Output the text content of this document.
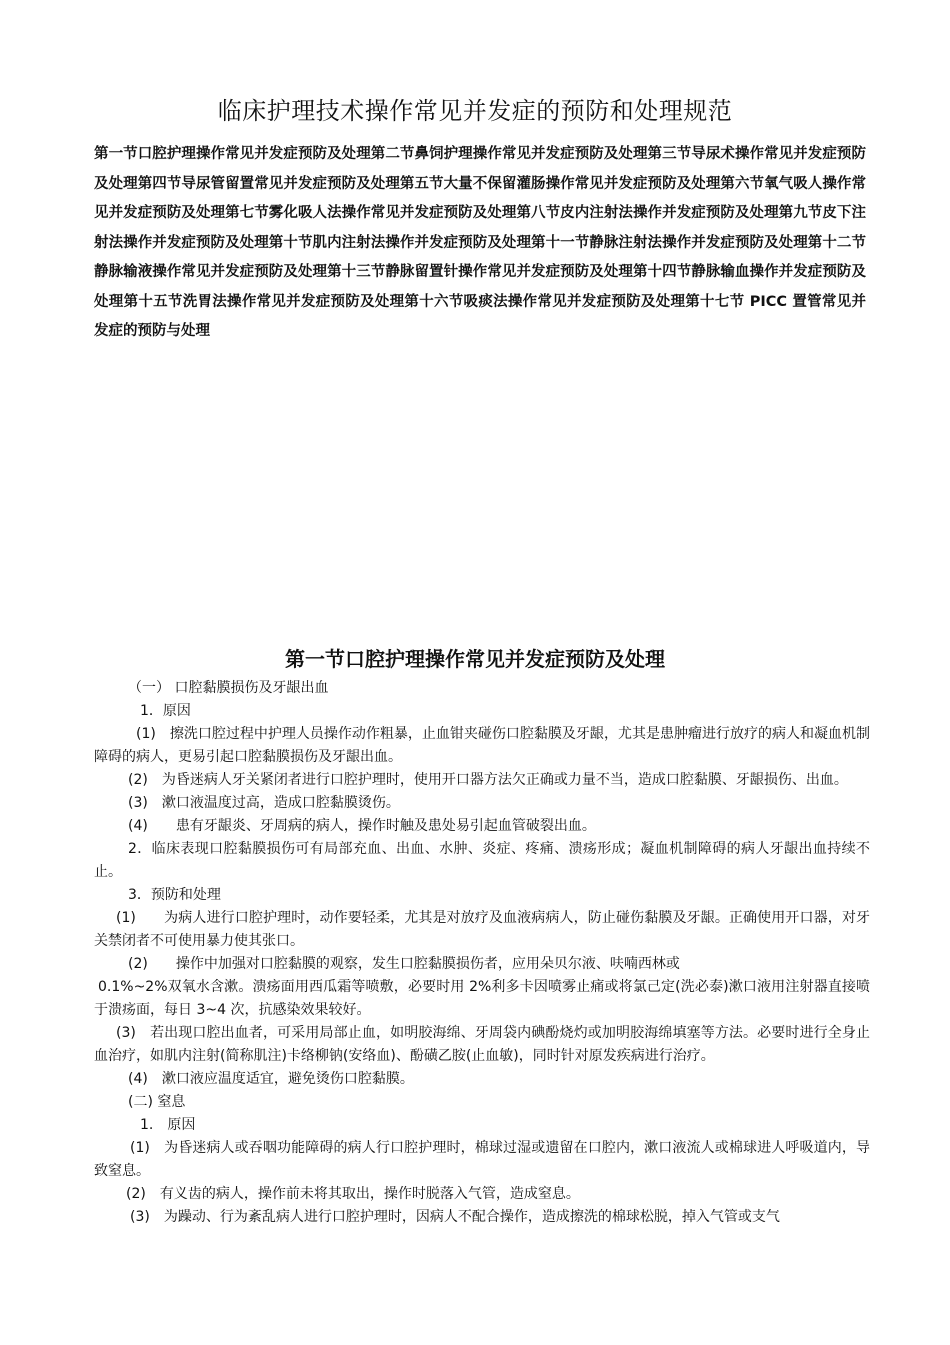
临床护理技术操作常见并发症的预防和处理规范

第一节口腔护理操作常见并发症预防及处理第二节鼻饲护理操作常见并发症预防及处理第三节导尿术操作常见并发症预防及处理第四节导尿管留置常见并发症预防及处理第五节大量不保留灌肠操作常见并发症预防及处理第六节氧气吸人操作常见并发症预防及处理第七节雾化吸人法操作常见并发症预防及处理第八节皮内注射法操作并发症预防及处理第九节皮下注射法操作并发症预防及处理第十节肌内注射法操作并发症预防及处理第十一节静脉注射法操作并发症预防及处理第十二节静脉输液操作常见并发症预防及处理第十三节静脉留置针操作常见并发症预防及处理第十四节静脉输血操作并发症预防及处理第十五节洗胃法操作常见并发症预防及处理第十六节吸痰法操作常见并发症预防及处理第十七节 PICC 置管常见并发症的预防与处理

第一节口腔护理操作常见并发症预防及处理

（一） 口腔黏膜损伤及牙龈出血

1．原因

(1)　擦洗口腔过程中护理人员操作动作粗暴，止血钳夹碰伤口腔黏膜及牙龈，尤其是患肿瘤进行放疗的病人和凝血机制障碍的病人，更易引起口腔黏膜损伤及牙龈出血。

(2)　为昏迷病人牙关紧闭者进行口腔护理时，使用开口器方法欠正确或力量不当，造成口腔黏膜、牙龈损伤、出血。

(3)　漱口液温度过高，造成口腔黏膜烫伤。

(4)　　患有牙龈炎、牙周病的病人，操作时触及患处易引起血管破裂出血。

2．临床表现口腔黏膜损伤可有局部充血、出血、水肿、炎症、疼痛、溃疡形成；凝血机制障碍的病人牙龈出血持续不止。

3．预防和处理

(1)　　为病人进行口腔护理时，动作要轻柔，尤其是对放疗及血液病病人，防止碰伤黏膜及牙龈。正确使用开口器，对牙关禁闭者不可使用暴力使其张口。

(2)　　操作中加强对口腔黏膜的观察，发生口腔黏膜损伤者，应用朵贝尔液、呋喃西林或

0.1%~2%双氧水含漱。溃疡面用西瓜霜等喷敷，必要时用 2%利多卡因喷雾止痛或将氯己定(洗必泰)漱口液用注射器直接喷于溃疡面，每日 3~4 次，抗感染效果较好。

(3)　若出现口腔出血者，可采用局部止血，如明胶海绵、牙周袋内碘酚烧灼或加明胶海绵填塞等方法。必要时进行全身止血治疗，如肌内注射(简称肌注)卡络柳钠(安络血)、酚磺乙胺(止血敏)，同时针对原发疾病进行治疗。

(4)　漱口液应温度适宜，避免烫伤口腔黏膜。

(二) 窒息

1.　原因

(1)　为昏迷病人或吞咽功能障碍的病人行口腔护理时，棉球过湿或遗留在口腔内，漱口液流人或棉球进人呼吸道内，导致窒息。

(2)　有义齿的病人，操作前未将其取出，操作时脱落入气管，造成窒息。

(3)　为躁动、行为紊乱病人进行口腔护理时，因病人不配合操作，造成擦洗的棉球松脱，掉入气管或支气
